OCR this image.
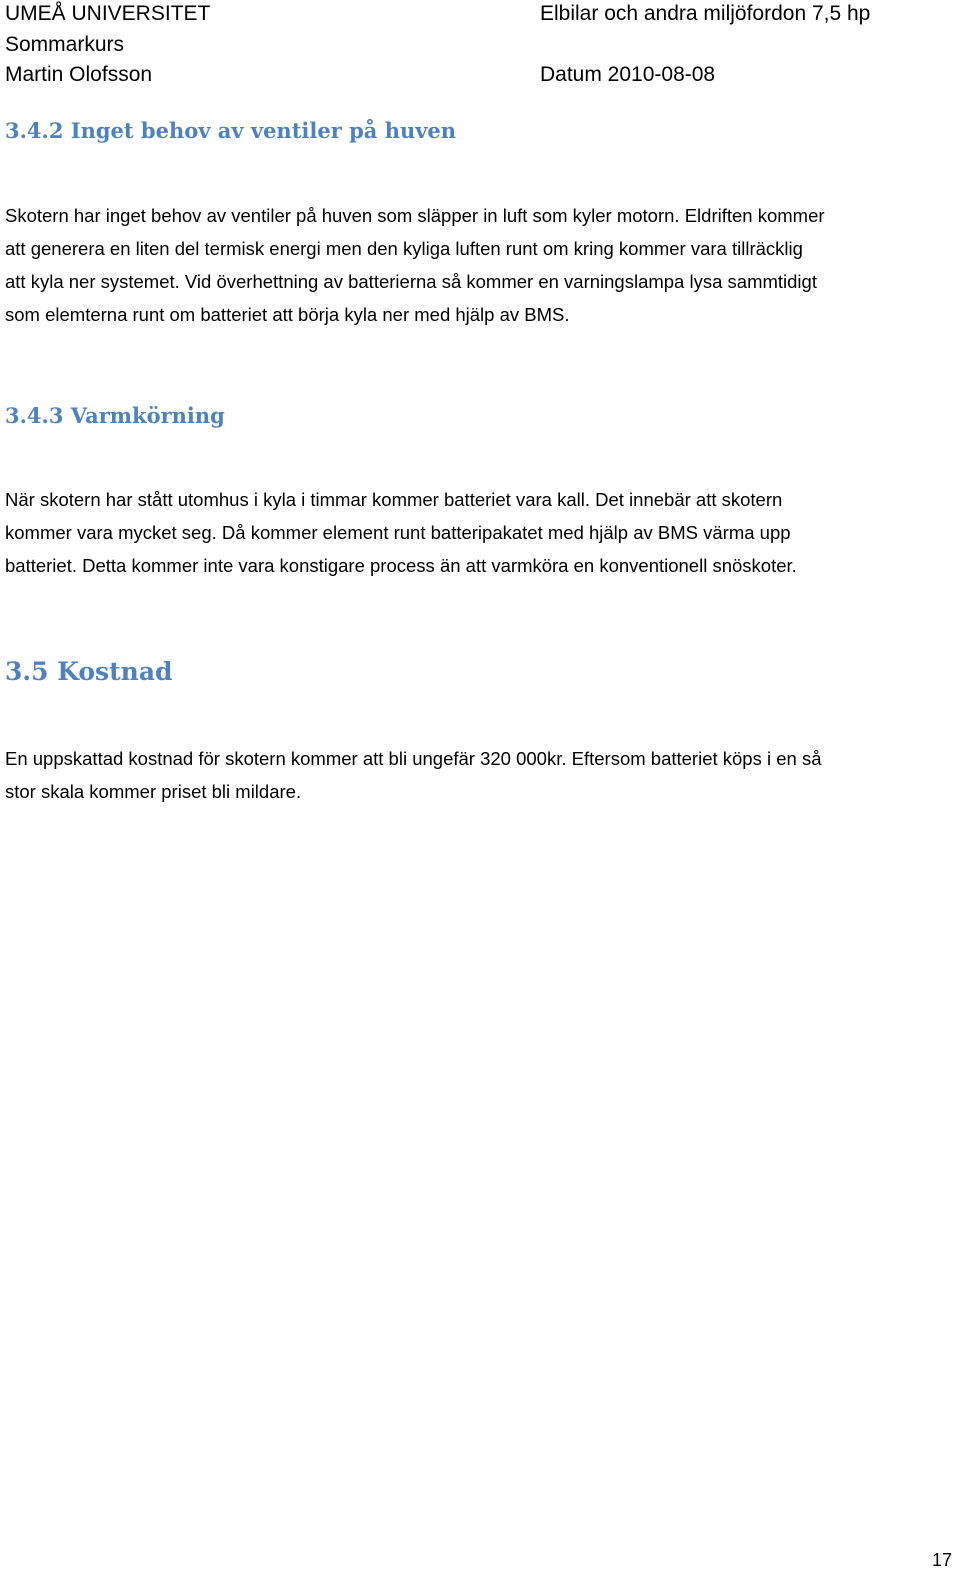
UMEÅ UNIVERSITET	Elbilar och andra miljöfordon 7,5 hp
Sommarkurs
Martin Olofsson	Datum 2010-08-08
3.4.2 Inget behov av ventiler på huven

Skotern har inget behov av ventiler på huven som släpper in luft som kyler motorn. Eldriften kommer
att generera en liten del termisk energi men den kyliga luften runt om kring kommer vara tillräcklig
att kyla ner systemet. Vid överhettning av batterierna så kommer en varningslampa lysa sammtidigt
som elemterna runt om batteriet att börja kyla ner med hjälp av BMS.

3.4.3 Varmkörning

När skotern har stått utomhus i kyla i timmar kommer batteriet vara kall. Det innebär att skotern
kommer vara mycket seg. Då kommer element runt batteripakatet med hjälp av BMS värma upp
batteriet. Detta kommer inte vara konstigare process än att varmköra en konventionell snöskoter.

3.5 Kostnad

En uppskattad kostnad för skotern kommer att bli ungefär 320 000kr. Eftersom batteriet köps i en så
stor skala kommer priset bli mildare.

17
